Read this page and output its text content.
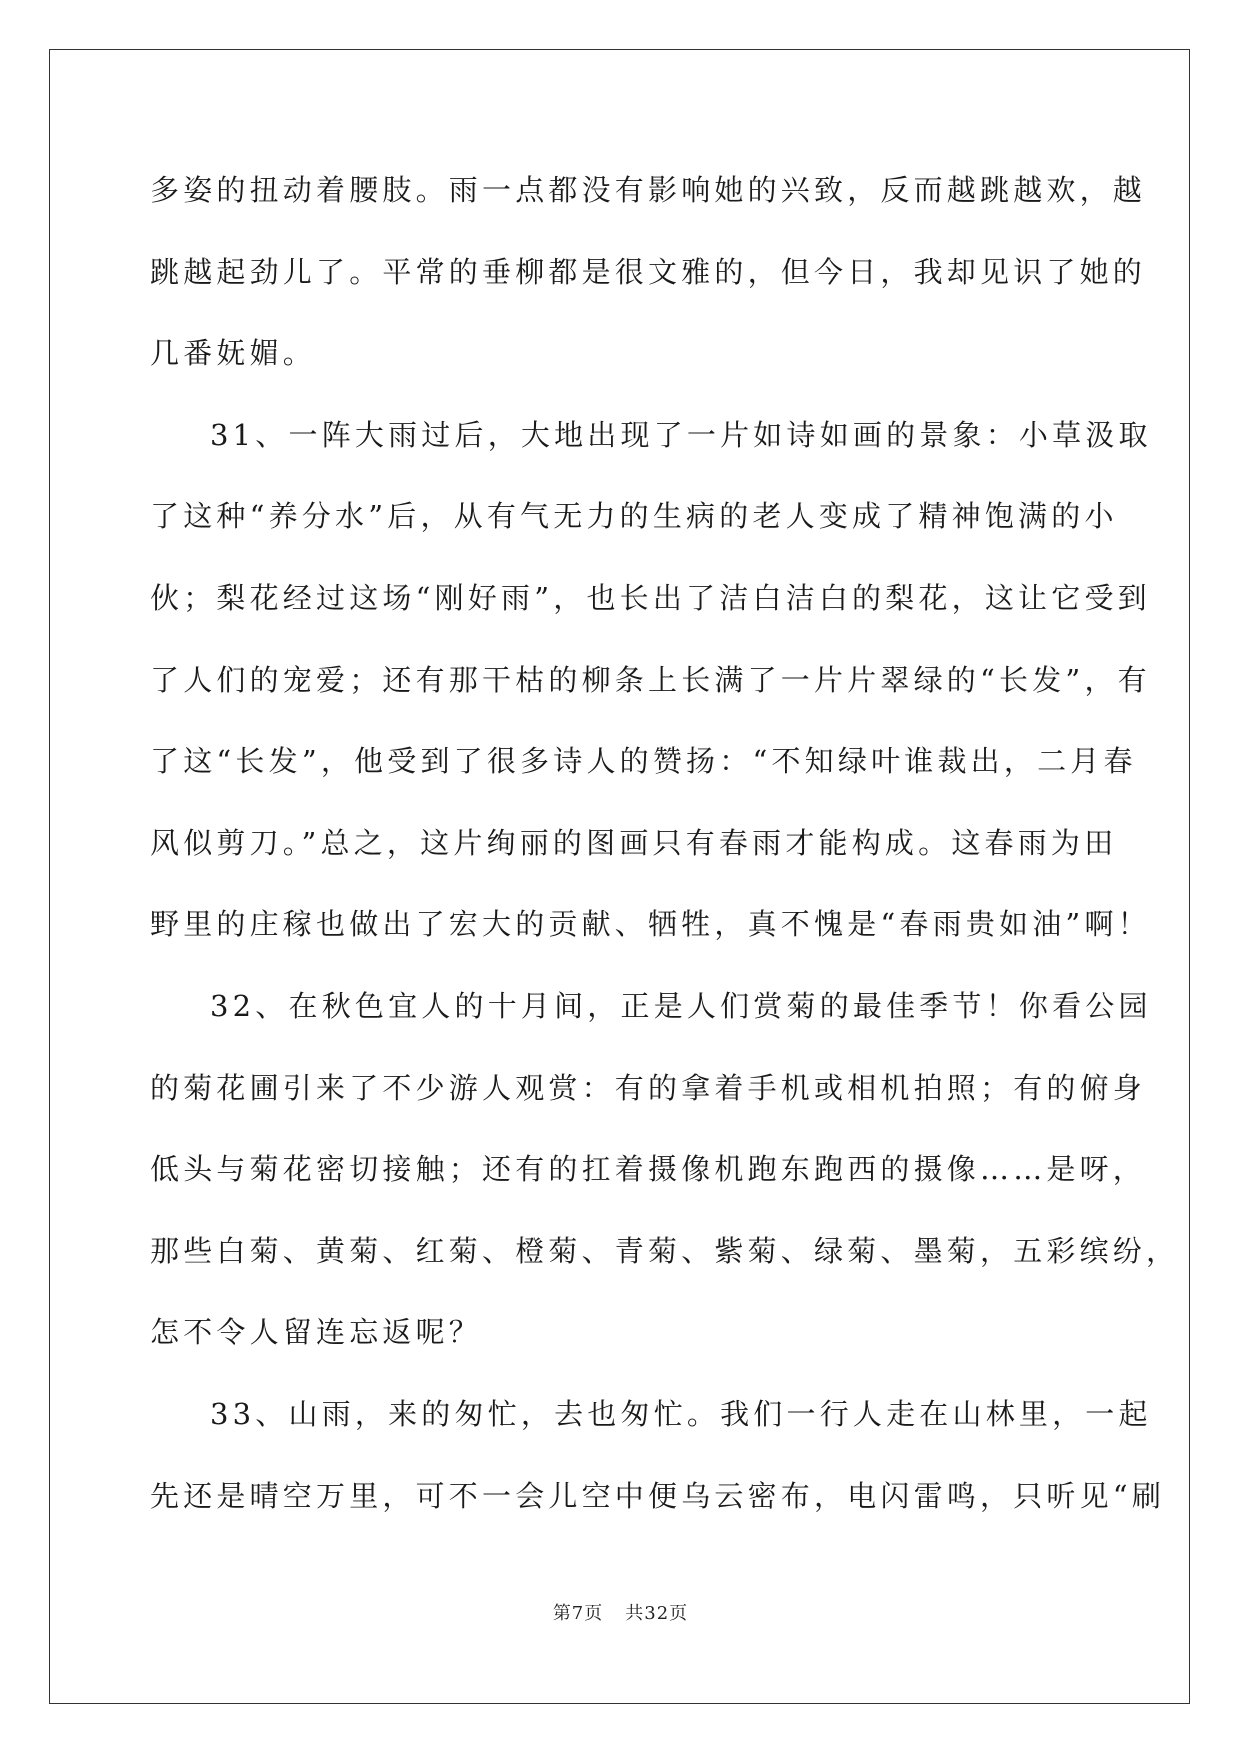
多姿的扭动着腰肢。雨一点都没有影响她的兴致，反而越跳越欢，越
跳越起劲儿了。平常的垂柳都是很文雅的，但今日，我却见识了她的
几番妩媚。
31、一阵大雨过后，大地出现了一片如诗如画的景象：小草汲取
了这种“养分水”后，从有气无力的生病的老人变成了精神饱满的小
伙；梨花经过这场“刚好雨”，也长出了洁白洁白的梨花，这让它受到
了人们的宠爱；还有那干枯的柳条上长满了一片片翠绿的“长发”，有
了这“长发”，他受到了很多诗人的赞扬：“不知绿叶谁裁出，二月春
风似剪刀。”总之，这片绚丽的图画只有春雨才能构成。这春雨为田
野里的庄稼也做出了宏大的贡献、牺牲，真不愧是“春雨贵如油”啊！
32、在秋色宜人的十月间，正是人们赏菊的最佳季节！你看公园
的菊花圃引来了不少游人观赏：有的拿着手机或相机拍照；有的俯身
低头与菊花密切接触；还有的扛着摄像机跑东跑西的摄像……是呀，
那些白菊、黄菊、红菊、橙菊、青菊、紫菊、绿菊、墨菊，五彩缤纷，
怎不令人留连忘返呢？
33、山雨，来的匆忙，去也匆忙。我们一行人走在山林里，一起
先还是晴空万里，可不一会儿空中便乌云密布，电闪雷鸣，只听见“刷
第7页 共32页
